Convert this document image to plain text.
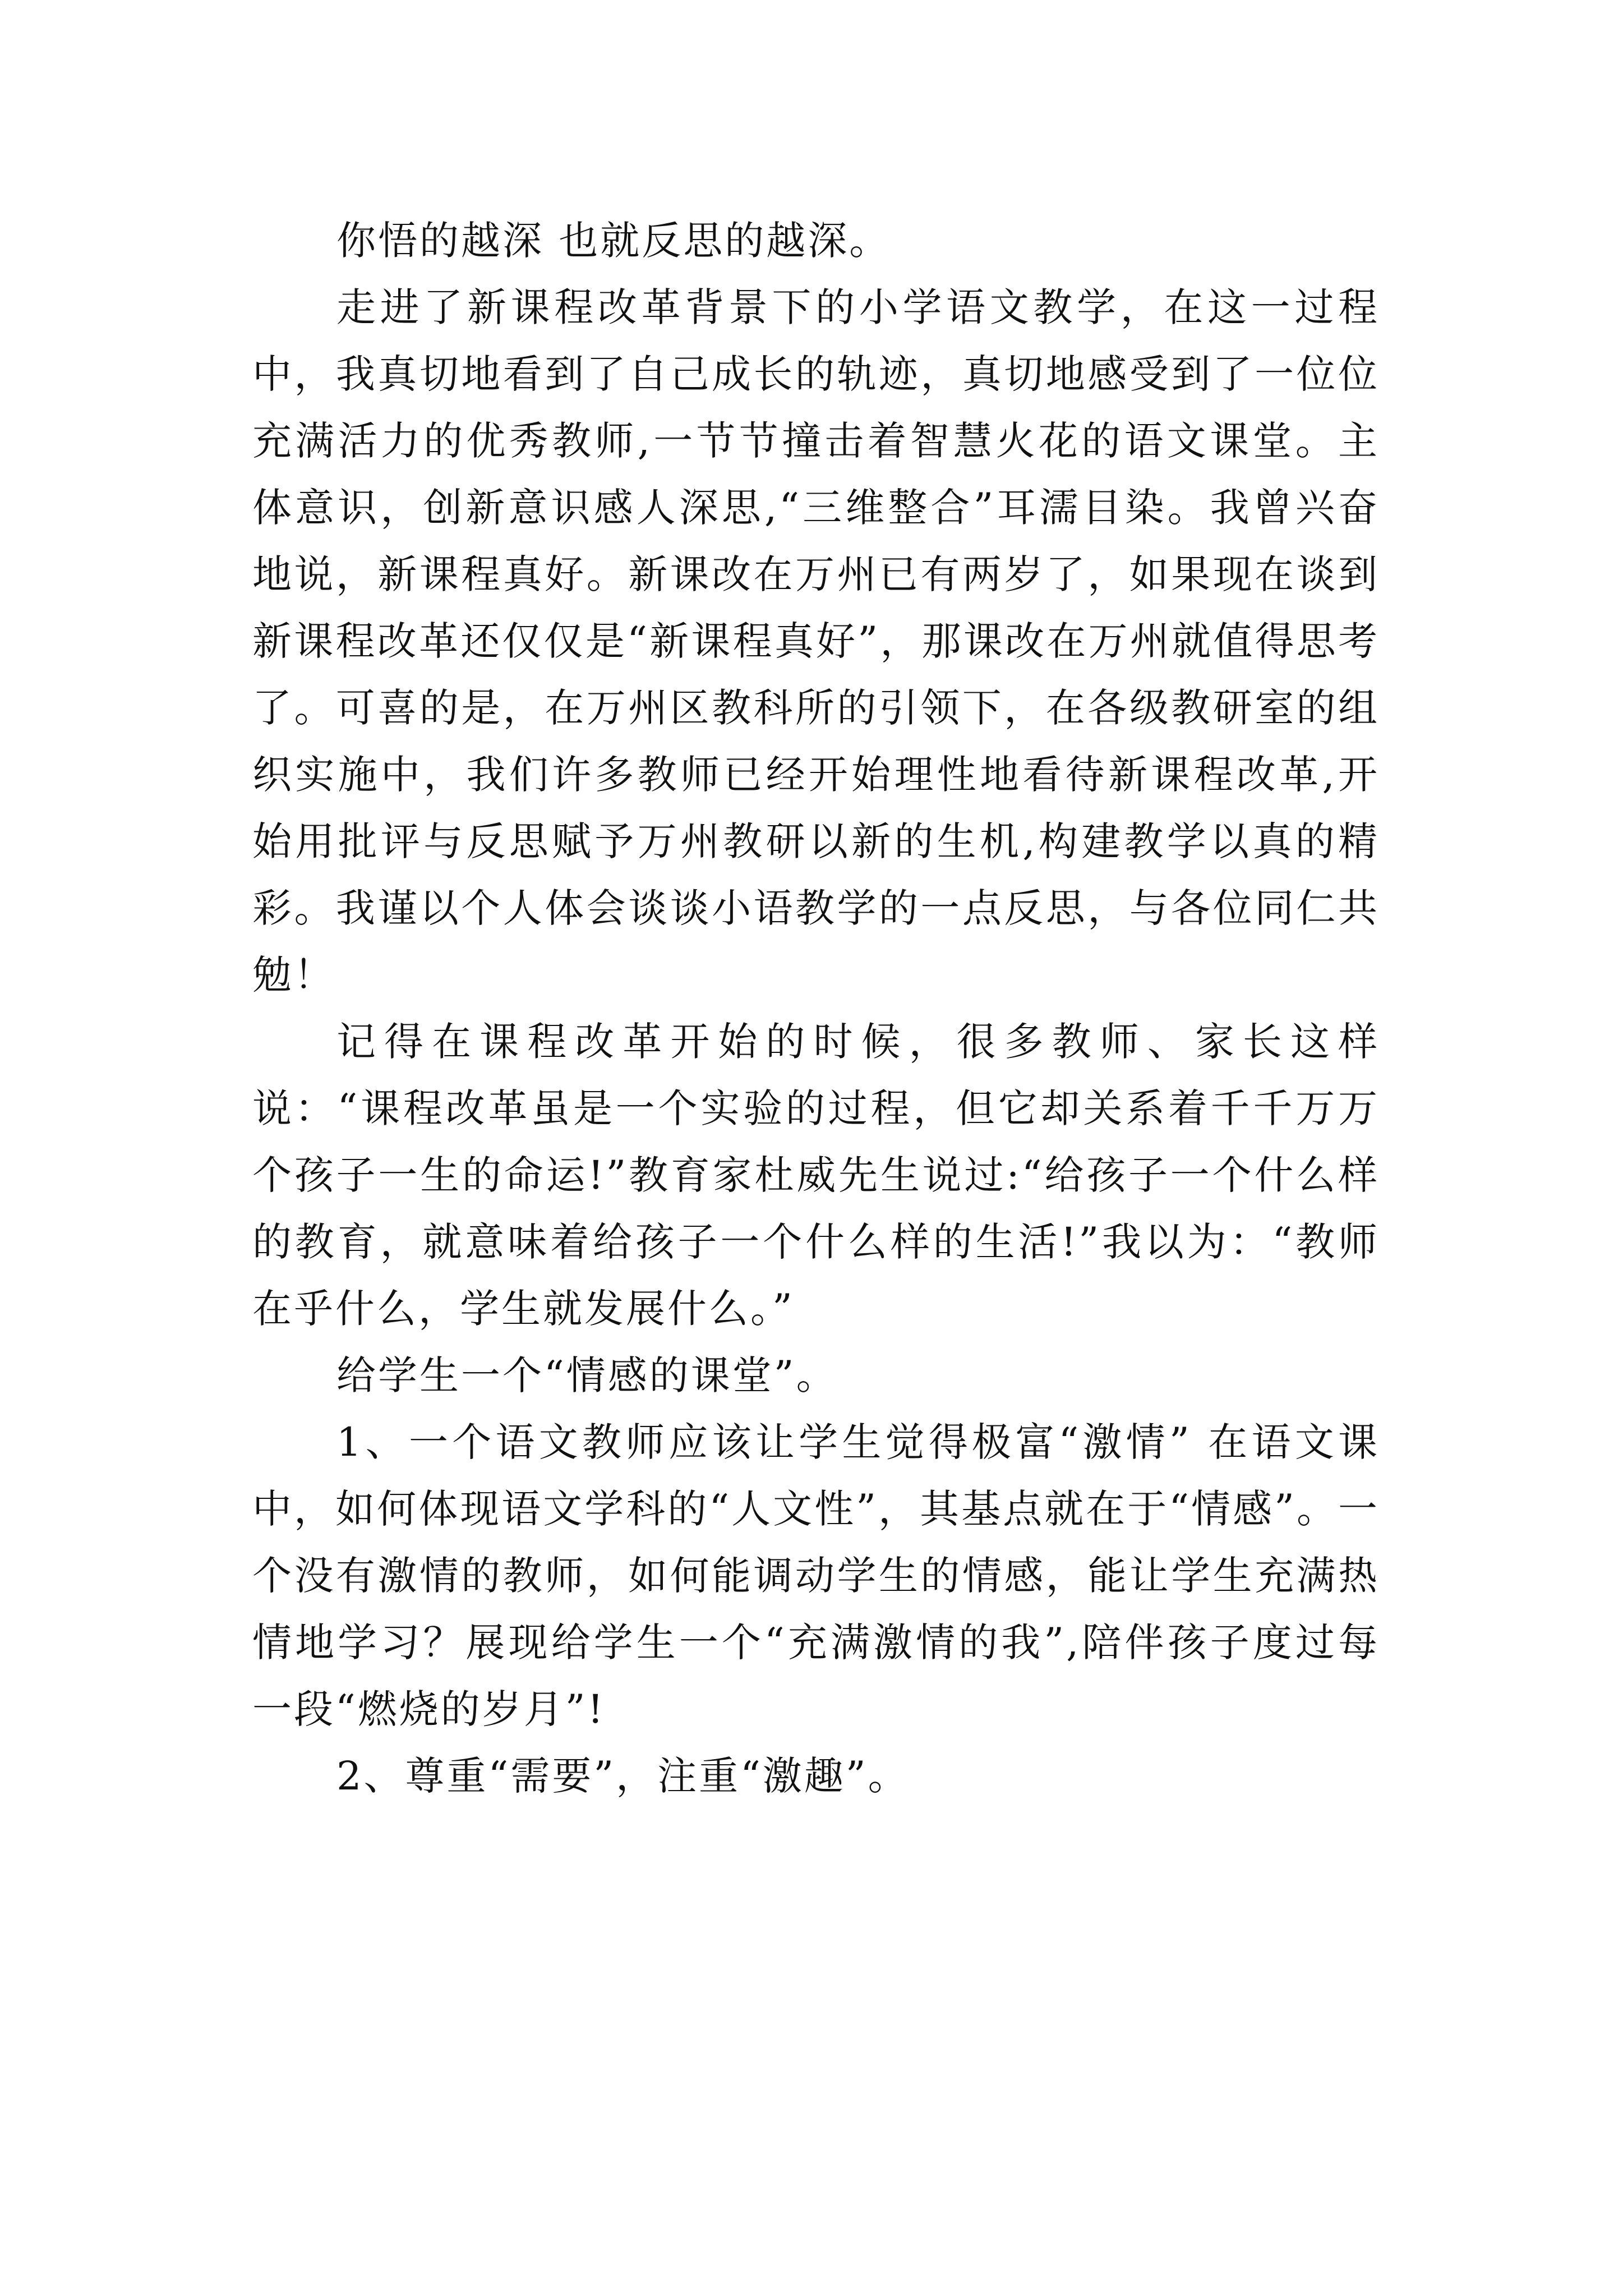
你悟的越深 也就反思的越深。

走进了新课程改革背景下的小学语文教学，在这一过程中，我真切地看到了自己成长的轨迹，真切地感受到了一位位充满活力的优秀教师,一节节撞击着智慧火花的语文课堂。主体意识，创新意识感人深思,“三维整合”耳濡目染。我曾兴奋地说，新课程真好。新课改在万州已有两岁了，如果现在谈到新课程改革还仅仅是“新课程真好”，那课改在万州就值得思考了。可喜的是，在万州区教科所的引领下，在各级教研室的组织实施中，我们许多教师已经开始理性地看待新课程改革,开始用批评与反思赋予万州教研以新的生机,构建教学以真的精彩。我谨以个人体会谈谈小语教学的一点反思，与各位同仁共勉！

记得在课程改革开始的时候，很多教师、家长这样说：“课程改革虽是一个实验的过程，但它却关系着千千万万个孩子一生的命运!”教育家杜威先生说过:“给孩子一个什么样的教育，就意味着给孩子一个什么样的生活!”我以为：“教师在乎什么，学生就发展什么。”

给学生一个“情感的课堂”。

1、一个语文教师应该让学生觉得极富“激情” 在语文课中，如何体现语文学科的“人文性”，其基点就在于“情感”。一个没有激情的教师，如何能调动学生的情感，能让学生充满热情地学习？展现给学生一个“充满激情的我”,陪伴孩子度过每一段“燃烧的岁月”!

2、尊重“需要”，注重“激趣”。
